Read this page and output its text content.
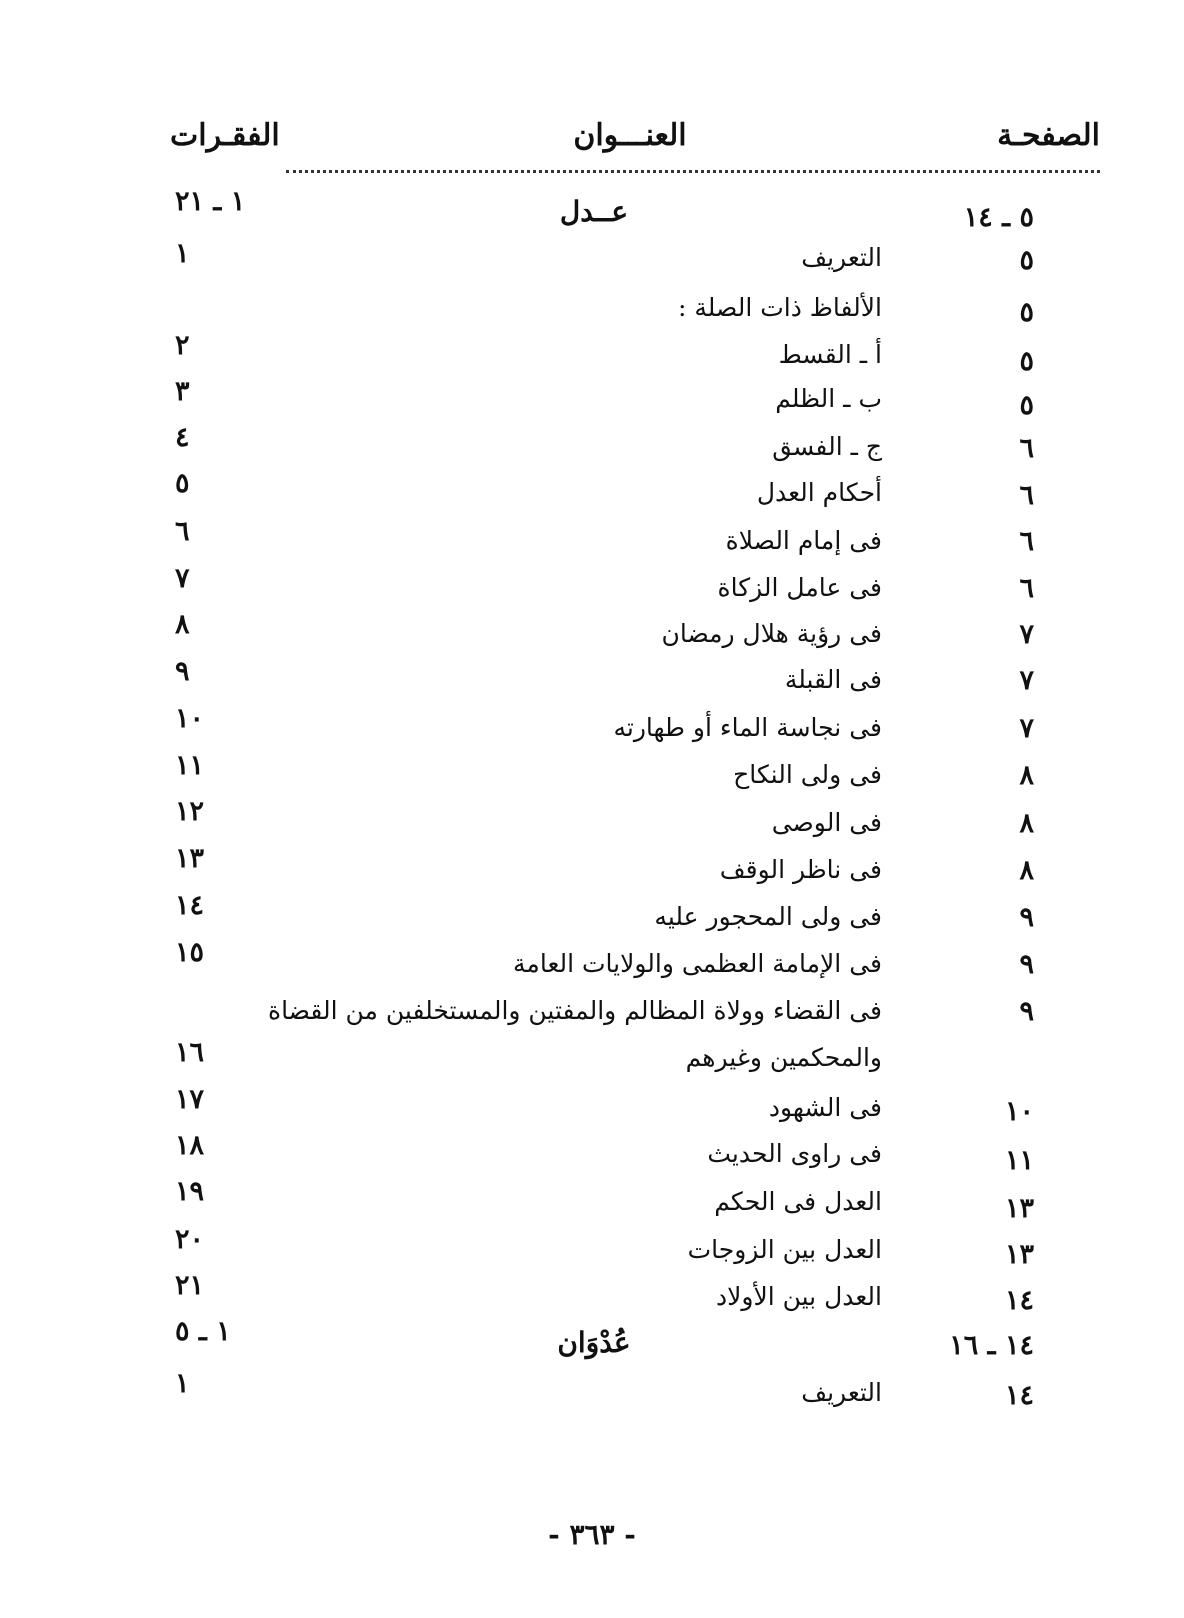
الصفحـة
العنـــوان
الفقـرات
٥ ـ ١٤
عــدل
١ ـ ٢١
٥
التعريف
١
٥
الألفاظ ذات الصلة :
٥
أ ـ القسط
٢
٥
ب ـ الظلم
٣
٦
ج ـ الفسق
٤
٦
أحكام العدل
٥
٦
فى إمام الصلاة
٦
٦
فى عامل الزكاة
٧
٧
فى رؤية هلال رمضان
٨
٧
فى القبلة
٩
٧
فى نجاسة الماء أو طهارته
١٠
٨
فى ولى النكاح
١١
٨
فى الوصى
١٢
٨
فى ناظر الوقف
١٣
٩
فى ولى المحجور عليه
١٤
٩
فى الإمامة العظمى والولايات العامة
١٥
٩
فى القضاء وولاة المظالم والمفتين والمستخلفين من القضاة
والمحكمين وغيرهم
١٦
١٠
فى الشهود
١٧
١١
فى راوى الحديث
١٨
١٣
العدل فى الحكم
١٩
١٣
العدل بين الزوجات
٢٠
١٤
العدل بين الأولاد
٢١
١٤ ـ ١٦
عُدْوَان
١ ـ ٥
١٤
التعريف
١
- ٣٦٣ -
